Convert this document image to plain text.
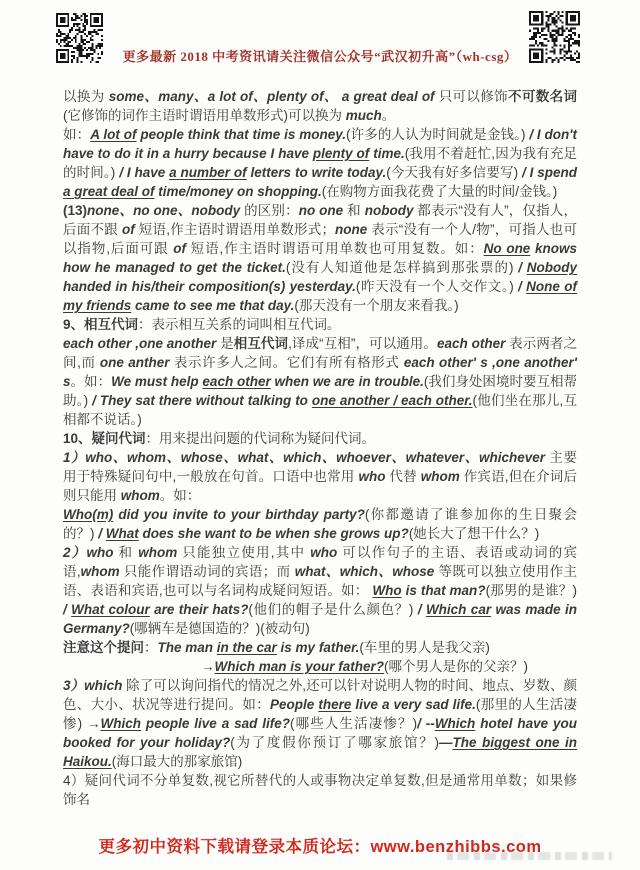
更多最新 2018 中考资讯请关注微信公众号“武汉初升高”（wh-csg）

以换为 some、many、a lot of、plenty of、 a great deal of 只可以修饰不可数名词(它修饰的词作主语时谓语用单数形式)可以换为 much。

如：A lot of people think that time is money.(许多的人认为时间就是金钱。) / I don't have to do it in a hurry because I have plenty of time.(我用不着赶忙,因为我有充足的时间。) / I have a number of letters to write today.(今天我有好多信要写) / I spend a great deal of time/money on shopping.(在购物方面我花费了大量的时间/金钱。)

(13)none、no one、nobody 的区别：no one 和 nobody 都表示“没有人”，仅指人，后面不跟 of 短语,作主语时谓语用单数形式；none 表示“没有一个人/物”，可指人也可以指物,后面可跟 of 短语,作主语时谓语可用单数也可用复数。如：No one knows how he managed to get the ticket.(没有人知道他是怎样搞到那张票的) / Nobody handed in his/their composition(s) yesterday.(昨天没有一个人交作文。) / None of my friends came to see me that day.(那天没有一个朋友来看我。)

9、相互代词：表示相互关系的词叫相互代词。

each other ,one another 是相互代词,译成“互相”，可以通用。each other 表示两者之间,而 one anther 表示许多人之间。它们有所有格形式 each other' s ,one another' s。如：We must help each other when we are in trouble.(我们身处困境时要互相帮助。) / They sat there without talking to one another / each other.(他们坐在那儿,互相都不说话。)

10、疑问代词：用来提出问题的代词称为疑问代词。

1）who、whom、whose、what、which、whoever、whatever、whichever 主要用于特殊疑问句中,一般放在句首。口语中也常用 who 代替 whom 作宾语,但在介词后则只能用 whom。如：

Who(m) did you invite to your birthday party?(你都邀请了谁参加你的生日聚会的？) / What does she want to be when she grows up?(她长大了想干什么？)

2）who 和 whom 只能独立使用,其中 who 可以作句子的主语、表语或动词的宾语,whom 只能作谓语动词的宾语；而 what、which、whose 等既可以独立使用作主语、表语和宾语,也可以与名词构成疑问短语。如： Who is that man?(那男的是谁？) / What colour are their hats?(他们的帽子是什么颜色？) / Which car was made in Germany?(哪辆车是德国造的？)(被动句)

注意这个提问：The man in the car is my father.(车里的男人是我父亲)

→Which man is your father?(哪个男人是你的父亲？)

3）which 除了可以询问指代的情况之外,还可以针对说明人物的时间、地点、岁数、颜色、大小、状况等进行提问。如：People there live a very sad life.(那里的人生活凄惨) →Which people live a sad life?(哪些人生活凄惨？)/ --Which hotel have you booked for your holiday?(为了度假你预订了哪家旅馆？)—The biggest one in Haikou.(海口最大的那家旅馆)

4）疑问代词不分单复数,视它所替代的人或事物决定单复数,但是通常用单数；如果修饰名

更多初中资料下载请登录本质论坛：www.benzhibbs.com
